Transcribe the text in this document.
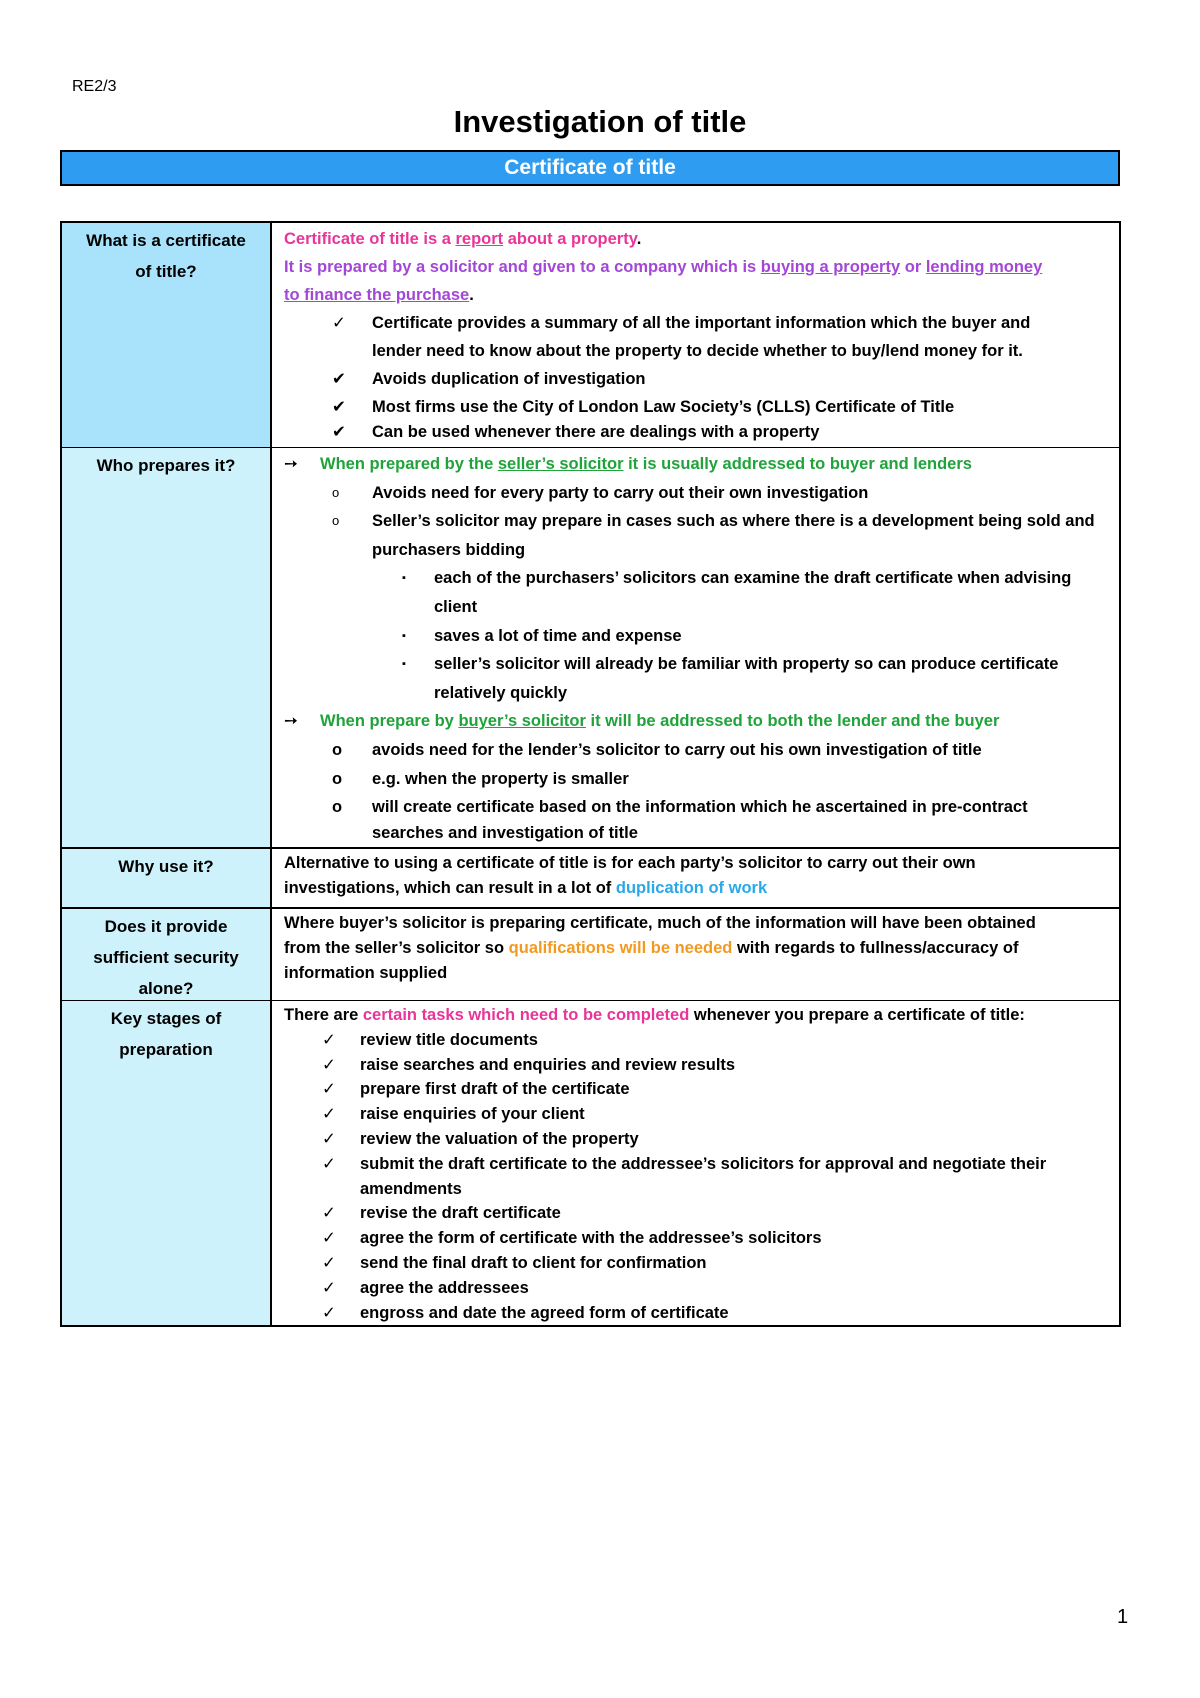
RE2/3
Investigation of title
Certificate of title
What is a certificate
of title?
Certificate of title is a report about a property.
It is prepared by a solicitor and given to a company which is buying a property or lending money
to finance the purchase.
✓ Certificate provides a summary of all the important information which the buyer and
lender need to know about the property to decide whether to buy/lend money for it.
✔ Avoids duplication of investigation
✔ Most firms use the City of London Law Society’s (CLLS) Certificate of Title
✔ Can be used whenever there are dealings with a property
Who prepares it?	➙ When prepared by the seller’s solicitor it is usually addressed to buyer and lenders
o Avoids need for every party to carry out their own investigation
o Seller’s solicitor may prepare in cases such as where there is a development being sold and
purchasers bidding
▪ each of the purchasers’ solicitors can examine the draft certificate when advising
client
▪ saves a lot of time and expense
▪ seller’s solicitor will already be familiar with property so can produce certificate
relatively quickly
➙ When prepare by buyer’s solicitor it will be addressed to both the lender and the buyer
o avoids need for the lender’s solicitor to carry out his own investigation of title
o e.g. when the property is smaller
o will create certificate based on the information which he ascertained in pre-contract
searches and investigation of title
Why use it?	Alternative to using a certificate of title is for each party’s solicitor to carry out their own
investigations, which can result in a lot of duplication of work
Does it provide
sufficient security
alone?
Where buyer’s solicitor is preparing certificate, much of the information will have been obtained
from the seller’s solicitor so qualifications will be needed with regards to fullness/accuracy of
information supplied
Key stages of
preparation
There are certain tasks which need to be completed whenever you prepare a certificate of title:
✓ review title documents
✓ raise searches and enquiries and review results
✓ prepare first draft of the certificate
✓ raise enquiries of your client
✓ review the valuation of the property
✓ submit the draft certificate to the addressee’s solicitors for approval and negotiate their
amendments
✓ revise the draft certificate
✓ agree the form of certificate with the addressee’s solicitors
✓ send the final draft to client for confirmation
✓ agree the addressees
✓ engross and date the agreed form of certificate
1
